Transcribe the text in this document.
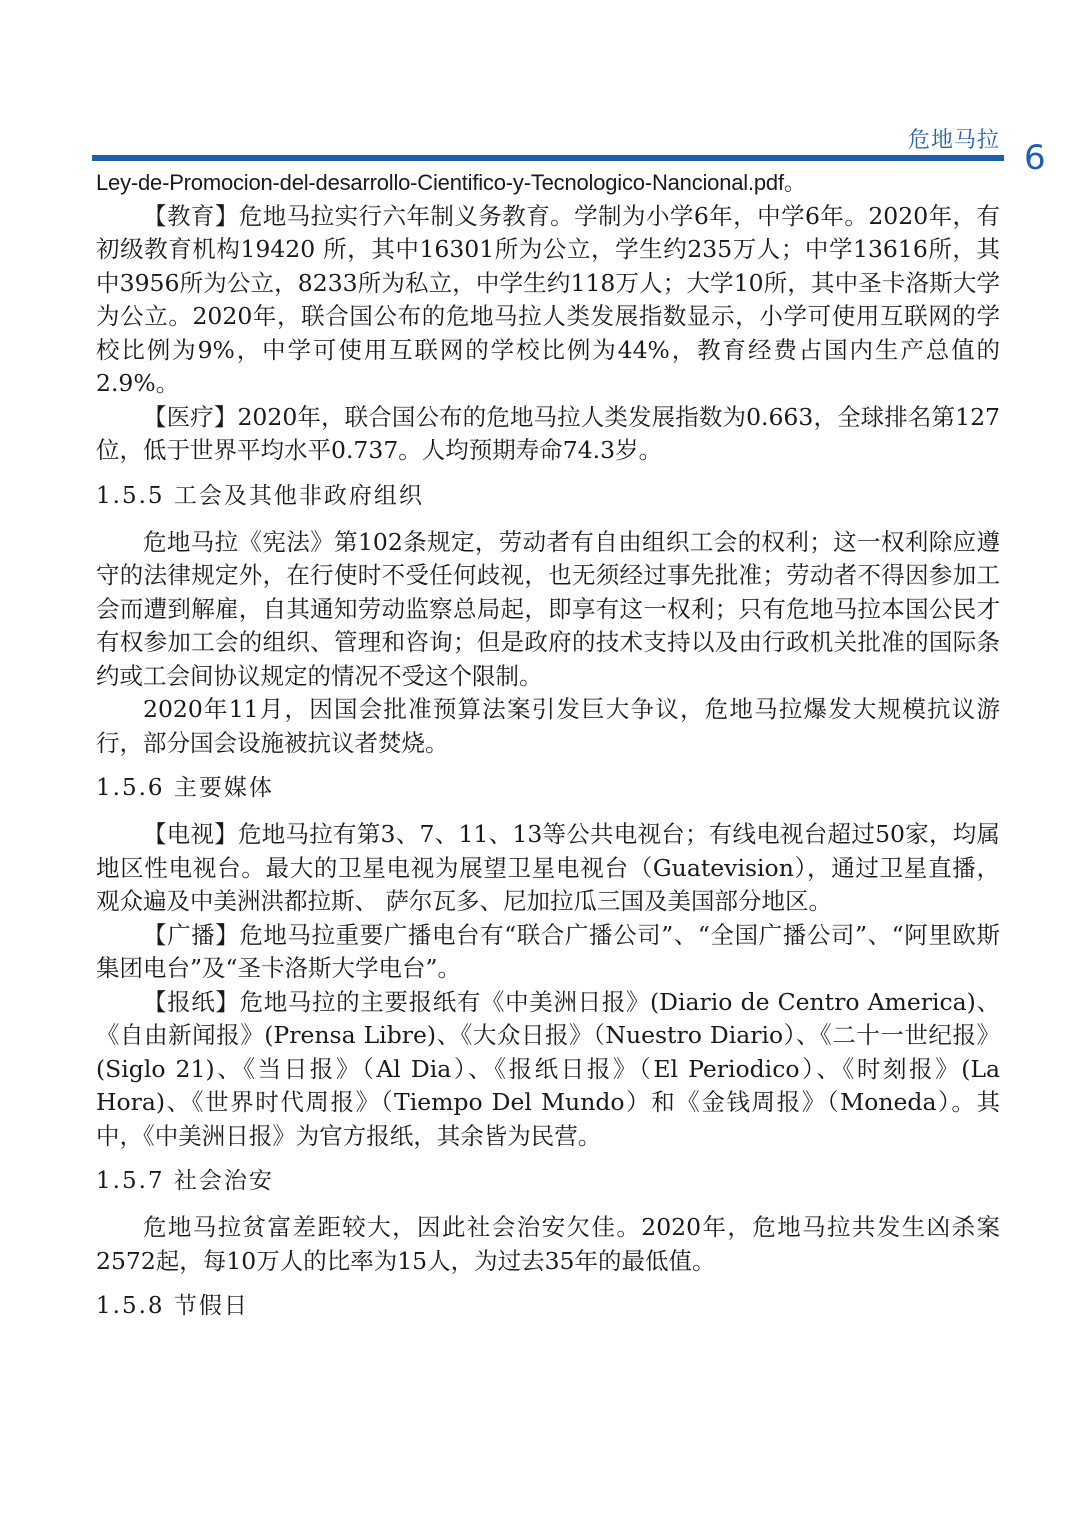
危地马拉 6

Ley-de-Promocion-del-desarrollo-Cientifico-y-Tecnologico-Nancional.pdf。

【教育】危地马拉实行六年制义务教育。学制为小学6年，中学6年。2020年，有初级教育机构19420 所，其中16301所为公立，学生约235万人；中学13616所，其中3956所为公立，8233所为私立，中学生约118万人；大学10所，其中圣卡洛斯大学为公立。2020年，联合国公布的危地马拉人类发展指数显示，小学可使用互联网的学校比例为9%，中学可使用互联网的学校比例为44%，教育经费占国内生产总值的2.9%。

【医疗】2020年，联合国公布的危地马拉人类发展指数为0.663，全球排名第127位，低于世界平均水平0.737。人均预期寿命74.3岁。

1.5.5 工会及其他非政府组织

危地马拉《宪法》第102条规定，劳动者有自由组织工会的权利；这一权利除应遵守的法律规定外，在行使时不受任何歧视，也无须经过事先批准；劳动者不得因参加工会而遭到解雇，自其通知劳动监察总局起，即享有这一权利；只有危地马拉本国公民才有权参加工会的组织、管理和咨询；但是政府的技术支持以及由行政机关批准的国际条约或工会间协议规定的情况不受这个限制。

2020年11月，因国会批准预算法案引发巨大争议，危地马拉爆发大规模抗议游行，部分国会设施被抗议者焚烧。

1.5.6 主要媒体

【电视】危地马拉有第3、7、11、13等公共电视台；有线电视台超过50家，均属地区性电视台。最大的卫星电视为展望卫星电视台（Guatevision），通过卫星直播，观众遍及中美洲洪都拉斯、 萨尔瓦多、尼加拉瓜三国及美国部分地区。

【广播】危地马拉重要广播电台有“联合广播公司”、“全国广播公司”、“阿里欧斯集团电台”及“圣卡洛斯大学电台”。

【报纸】危地马拉的主要报纸有《中美洲日报》(Diario de Centro America)、《自由新闻报》(Prensa Libre)、《大众日报》（Nuestro Diario）、《二十一世纪报》(Siglo 21)、《当日报》（Al Dia）、《报纸日报》（El Periodico）、《时刻报》(La Hora)、《世界时代周报》（Tiempo Del Mundo）和《金钱周报》（Moneda）。其中，《中美洲日报》为官方报纸，其余皆为民营。

1.5.7 社会治安

危地马拉贫富差距较大，因此社会治安欠佳。2020年，危地马拉共发生凶杀案2572起，每10万人的比率为15人，为过去35年的最低值。

1.5.8 节假日
